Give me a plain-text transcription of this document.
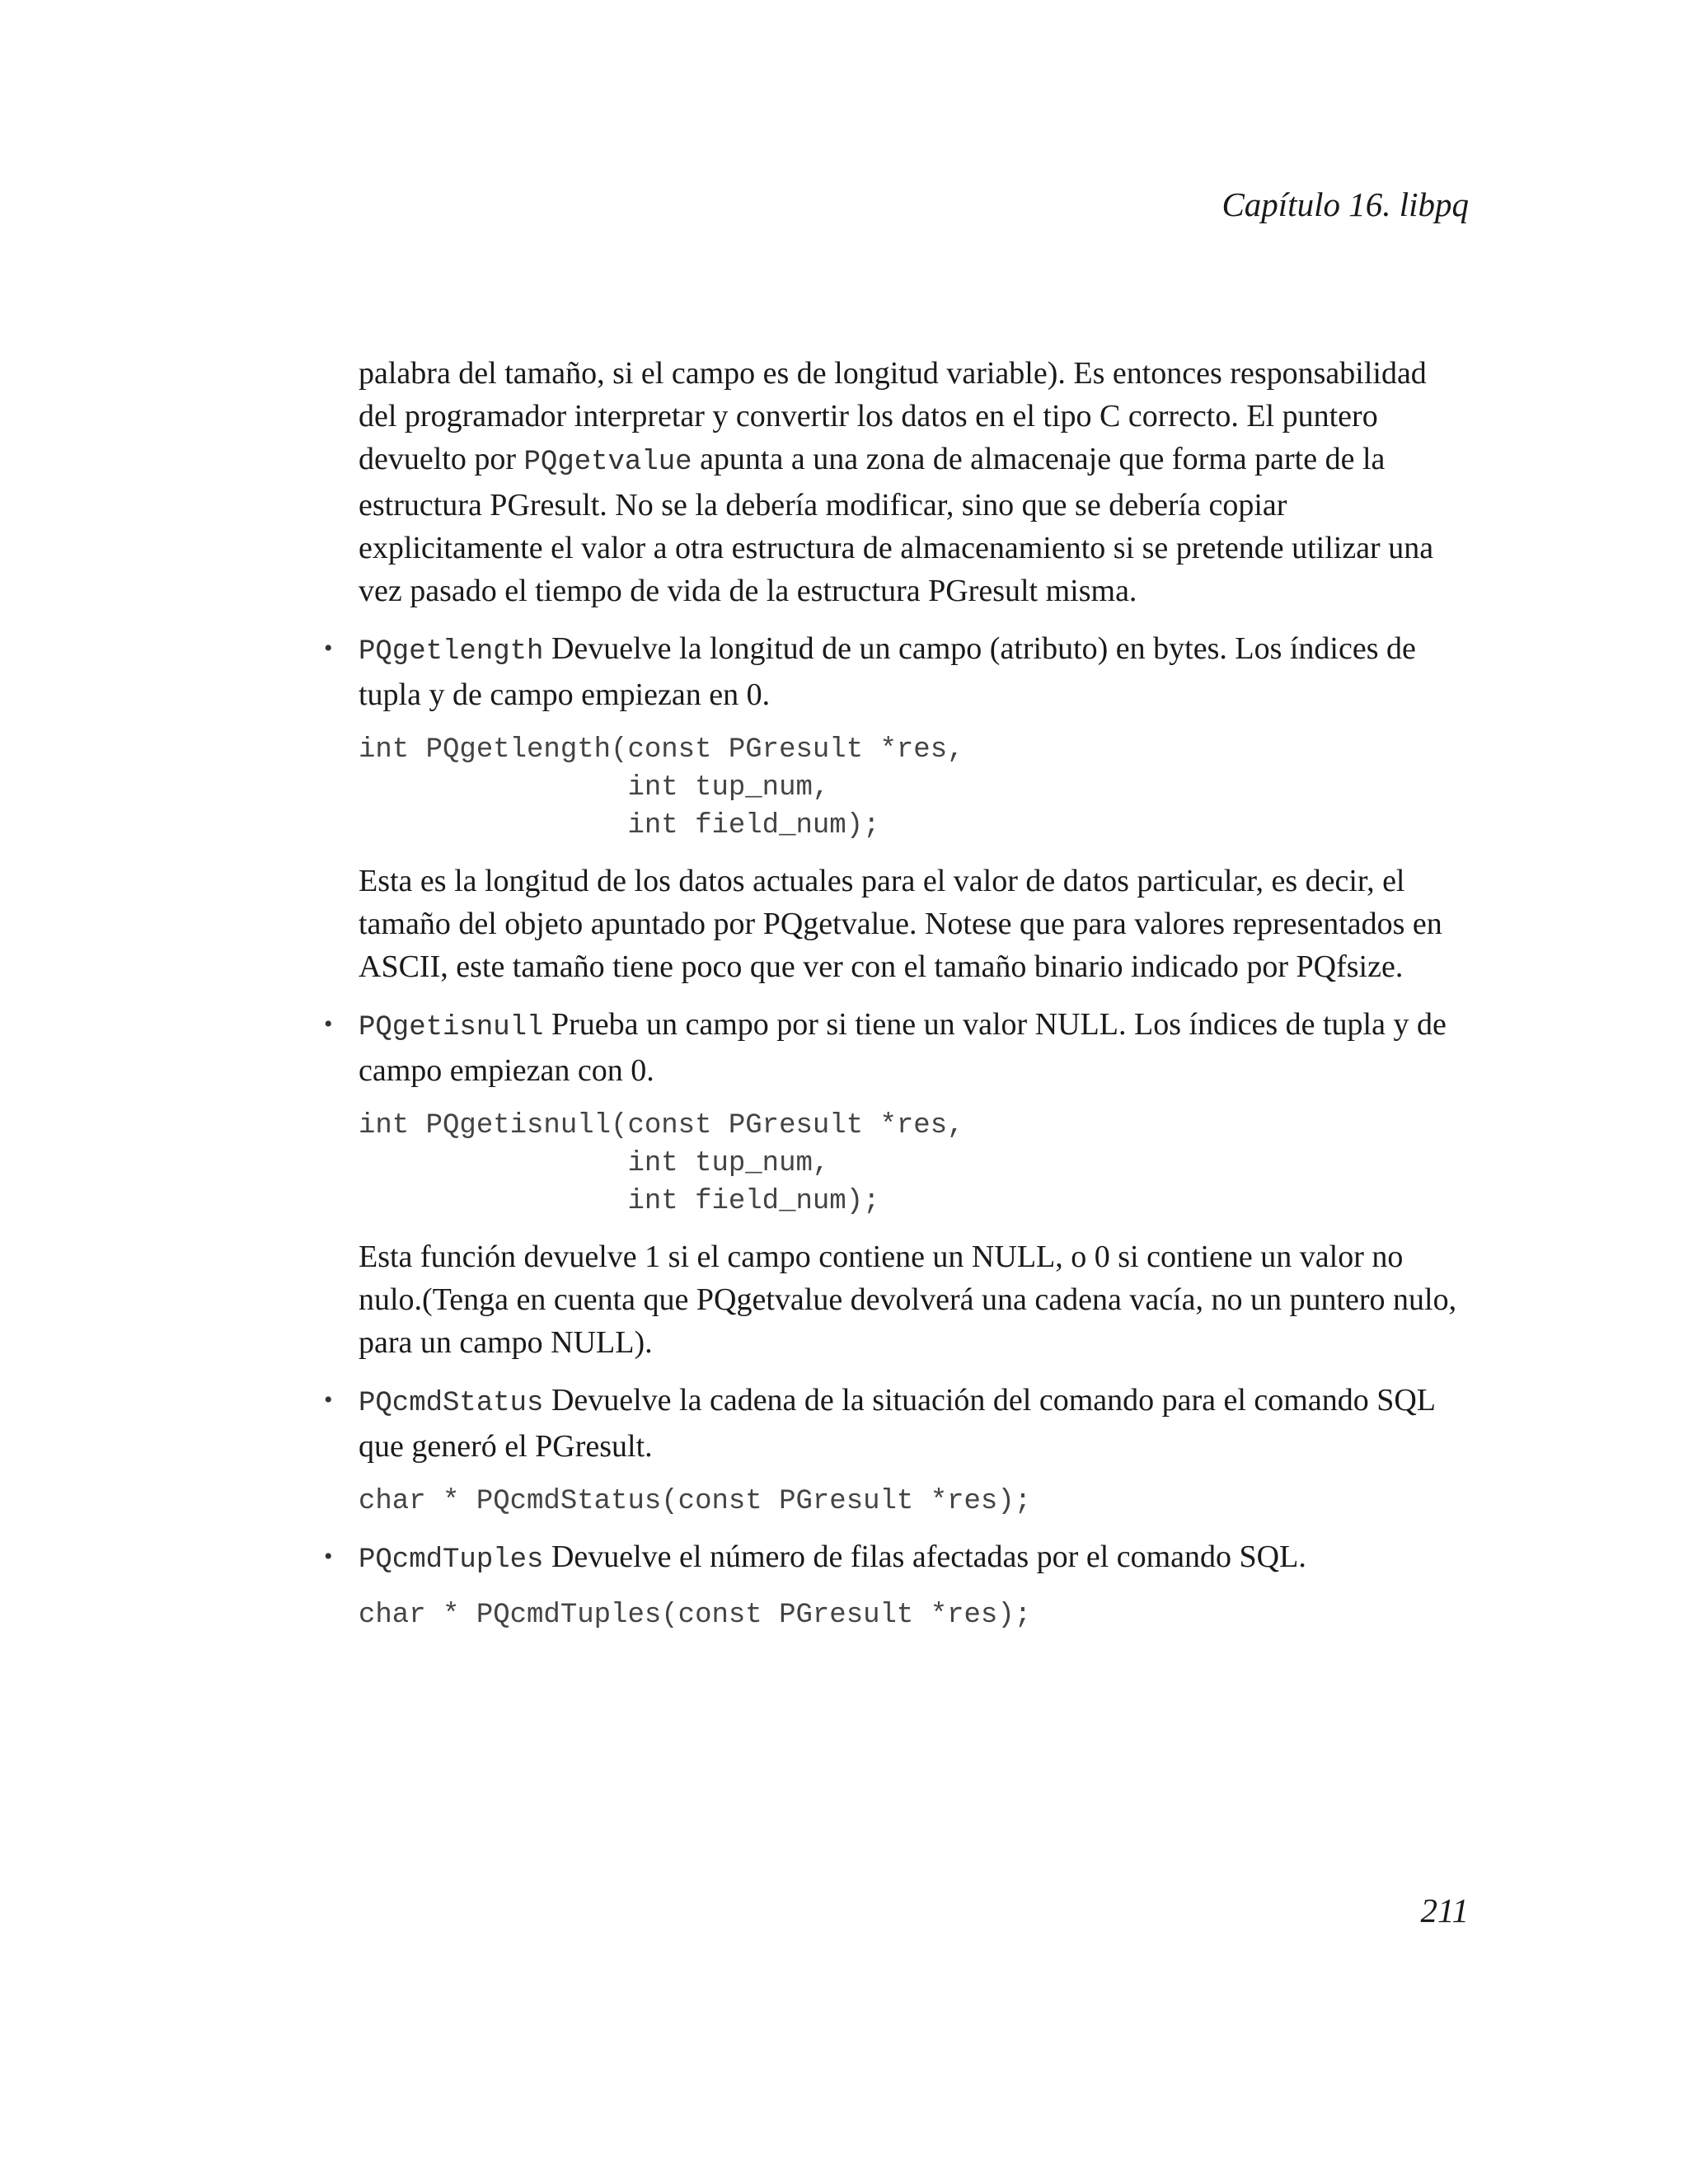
Capítulo 16. libpq

palabra del tamaño, si el campo es de longitud variable). Es entonces responsabilidad del programador interpretar y convertir los datos en el tipo C correcto. El puntero devuelto por PQgetvalue apunta a una zona de almacenaje que forma parte de la estructura PGresult. No se la debería modificar, sino que se debería copiar explicitamente el valor a otra estructura de almacenamiento si se pretende utilizar una vez pasado el tiempo de vida de la estructura PGresult misma.

• PQgetlength Devuelve la longitud de un campo (atributo) en bytes. Los índices de tupla y de campo empiezan en 0.

int PQgetlength(const PGresult *res,
int tup_num,
int field_num);

Esta es la longitud de los datos actuales para el valor de datos particular, es decir, el tamaño del objeto apuntado por PQgetvalue. Notese que para valores representados en ASCII, este tamaño tiene poco que ver con el tamaño binario indicado por PQfsize.

• PQgetisnull Prueba un campo por si tiene un valor NULL. Los índices de tupla y de campo empiezan con 0.

int PQgetisnull(const PGresult *res,
int tup_num,
int field_num);

Esta función devuelve 1 si el campo contiene un NULL, o 0 si contiene un valor no nulo.(Tenga en cuenta que PQgetvalue devolverá una cadena vacía, no un puntero nulo, para un campo NULL).

• PQcmdStatus Devuelve la cadena de la situación del comando para el comando SQL que generó el PGresult.

char * PQcmdStatus(const PGresult *res);
• PQcmdTuples Devuelve el número de filas afectadas por el comando SQL.

char * PQcmdTuples(const PGresult *res);
211
